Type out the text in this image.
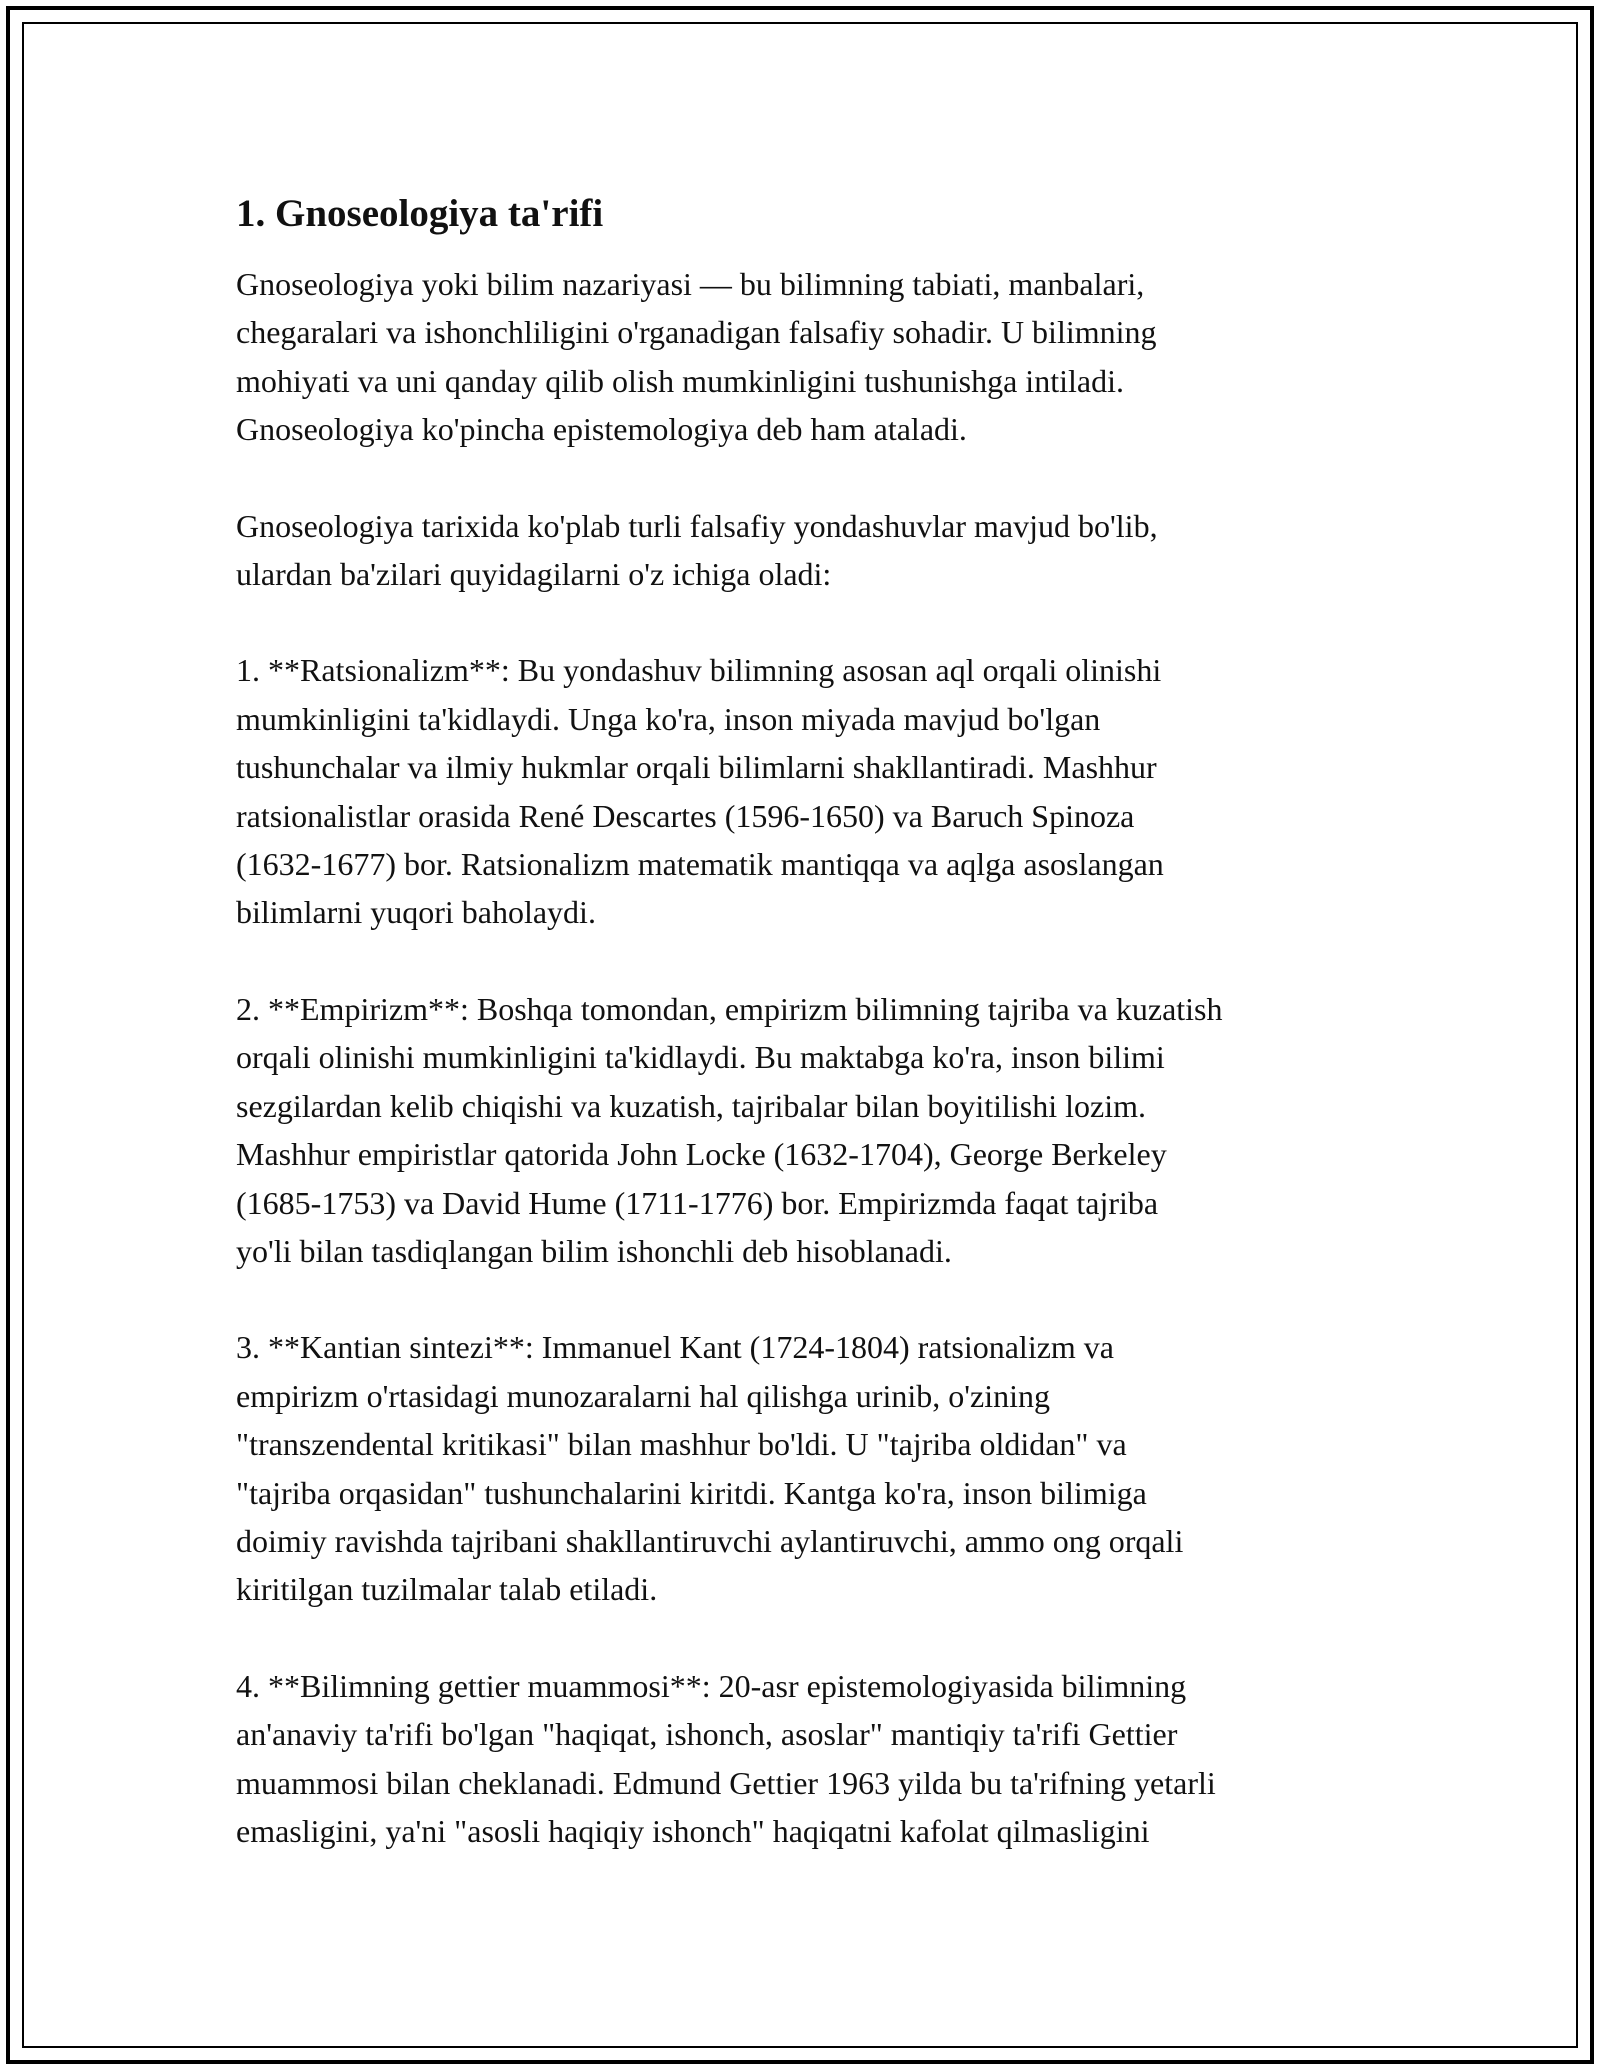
1. Gnoseologiya ta'rifi

Gnoseologiya yoki bilim nazariyasi — bu bilimning tabiati, manbalari,
chegaralari va ishonchliligini o'rganadigan falsafiy sohadir. U bilimning
mohiyati va uni qanday qilib olish mumkinligini tushunishga intiladi.
Gnoseologiya ko'pincha epistemologiya deb ham ataladi.

Gnoseologiya tarixida ko'plab turli falsafiy yondashuvlar mavjud bo'lib,
ulardan ba'zilari quyidagilarni o'z ichiga oladi:

1. **Ratsionalizm**: Bu yondashuv bilimning asosan aql orqali olinishi
mumkinligini ta'kidlaydi. Unga ko'ra, inson miyada mavjud bo'lgan
tushunchalar va ilmiy hukmlar orqali bilimlarni shakllantiradi. Mashhur
ratsionalistlar orasida René Descartes (1596-1650) va Baruch Spinoza
(1632-1677) bor. Ratsionalizm matematik mantiqqa va aqlga asoslangan
bilimlarni yuqori baholaydi.

2. **Empirizm**: Boshqa tomondan, empirizm bilimning tajriba va kuzatish
orqali olinishi mumkinligini ta'kidlaydi. Bu maktabga ko'ra, inson bilimi
sezgilardan kelib chiqishi va kuzatish, tajribalar bilan boyitilishi lozim.
Mashhur empiristlar qatorida John Locke (1632-1704), George Berkeley
(1685-1753) va David Hume (1711-1776) bor. Empirizmda faqat tajriba
yo'li bilan tasdiqlangan bilim ishonchli deb hisoblanadi.

3. **Kantian sintezi**: Immanuel Kant (1724-1804) ratsionalizm va
empirizm o'rtasidagi munozaralarni hal qilishga urinib, o'zining
"transzendental kritikasi" bilan mashhur bo'ldi. U "tajriba oldidan" va
"tajriba orqasidan" tushunchalarini kiritdi. Kantga ko'ra, inson bilimiga
doimiy ravishda tajribani shakllantiruvchi aylantiruvchi, ammo ong orqali
kiritilgan tuzilmalar talab etiladi.

4. **Bilimning gettier muammosi**: 20-asr epistemologiyasida bilimning
an'anaviy ta'rifi bo'lgan "haqiqat, ishonch, asoslar" mantiqiy ta'rifi Gettier
muammosi bilan cheklanadi. Edmund Gettier 1963 yilda bu ta'rifning yetarli
emasligini, ya'ni "asosli haqiqiy ishonch" haqiqatni kafolat qilmasligini
